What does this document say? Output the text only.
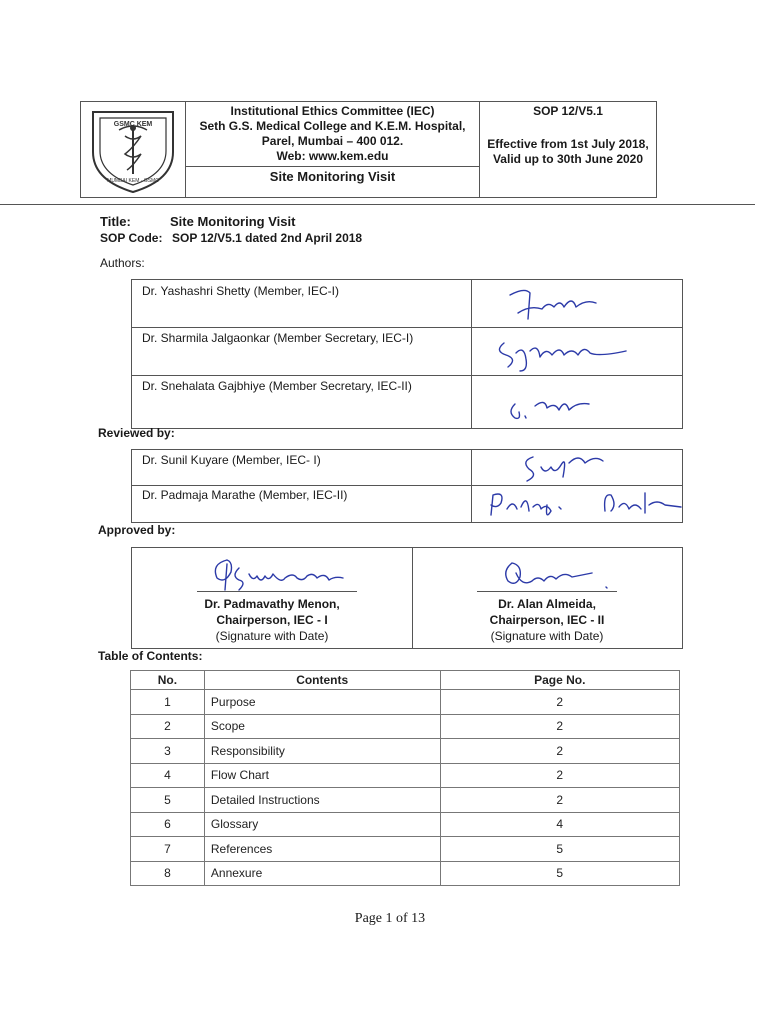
GSMC KEM
MUMBAI KEM · GSMC
Institutional Ethics Committee (IEC)
Seth G.S. Medical College and K.E.M. Hospital,
Parel, Mumbai – 400 012.
Web: www.kem.edu
Site Monitoring Visit
SOP 12/V5.1
Effective from 1st July 2018,
Valid up to 30th June 2020
Title:	Site Monitoring Visit
SOP Code: SOP 12/V5.1 dated 2nd April 2018
Authors:
Dr. Yashashri Shetty (Member, IEC-I)
Dr. Sharmila Jalgaonkar (Member Secretary, IEC-I)
Dr. Snehalata Gajbhiye (Member Secretary, IEC-II)
Reviewed by:
Dr. Sunil Kuyare (Member, IEC- I)
Dr. Padmaja Marathe (Member, IEC-II)
Approved by:
Dr. Padmavathy Menon,
Chairperson, IEC - I
(Signature with Date)
Dr. Alan Almeida,
Chairperson, IEC - II
(Signature with Date)
Table of Contents:
No.	Contents	Page No.
1	Purpose	2
2	Scope	2
3	Responsibility	2
4	Flow Chart	2
5	Detailed Instructions	2
6	Glossary	4
7	References	5
8	Annexure	5
Page 1 of 13
